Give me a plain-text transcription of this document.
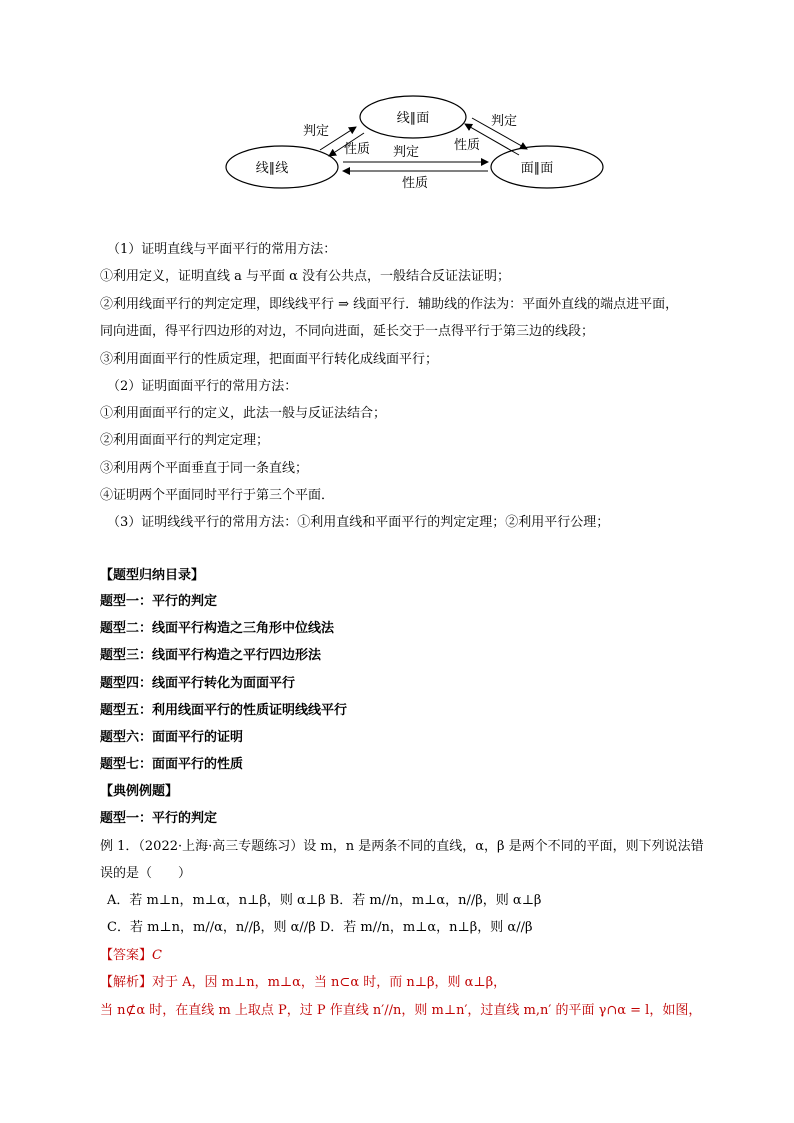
线∥面
线∥线	面∥面
判定
性质
判定
性质
判定
性质
（1）证明直线与平面平行的常用方法：
①利用定义，证明直线 a 与平面 α 没有公共点，一般结合反证法证明；
②利用线面平行的判定定理，即线线平行 ⇒ 线面平行．辅助线的作法为：平面外直线的端点进平面，
同向进面，得平行四边形的对边，不同向进面，延长交于一点得平行于第三边的线段；
③利用面面平行的性质定理，把面面平行转化成线面平行；
（2）证明面面平行的常用方法：
①利用面面平行的定义，此法一般与反证法结合；
②利用面面平行的判定定理；
③利用两个平面垂直于同一条直线；
④证明两个平面同时平行于第三个平面．
（3）证明线线平行的常用方法：①利用直线和平面平行的判定定理；②利用平行公理；
【题型归纳目录】
题型一：平行的判定
题型二：线面平行构造之三角形中位线法
题型三：线面平行构造之平行四边形法
题型四：线面平行转化为面面平行
题型五：利用线面平行的性质证明线线平行
题型六：面面平行的证明
题型七：面面平行的性质
【典例例题】
题型一：平行的判定
例 1．（2022·上海·高三专题练习）设 m，n 是两条不同的直线，α，β 是两个不同的平面，则下列说法错
误的是（　　）
A．若 m⊥n，m⊥α，n⊥β，则 α⊥β B．若 m//n，m⊥α，n//β，则 α⊥β
C．若 m⊥n，m//α，n//β，则 α//β D．若 m//n，m⊥α，n⊥β，则 α//β
【答案】C
【解析】对于 A，因 m⊥n，m⊥α，当 n⊂α 时，而 n⊥β，则 α⊥β，
当 n⊄α 时，在直线 m 上取点 P，过 P 作直线 n′//n，则 m⊥n′，过直线 m,n′ 的平面 γ∩α = l，如图，
